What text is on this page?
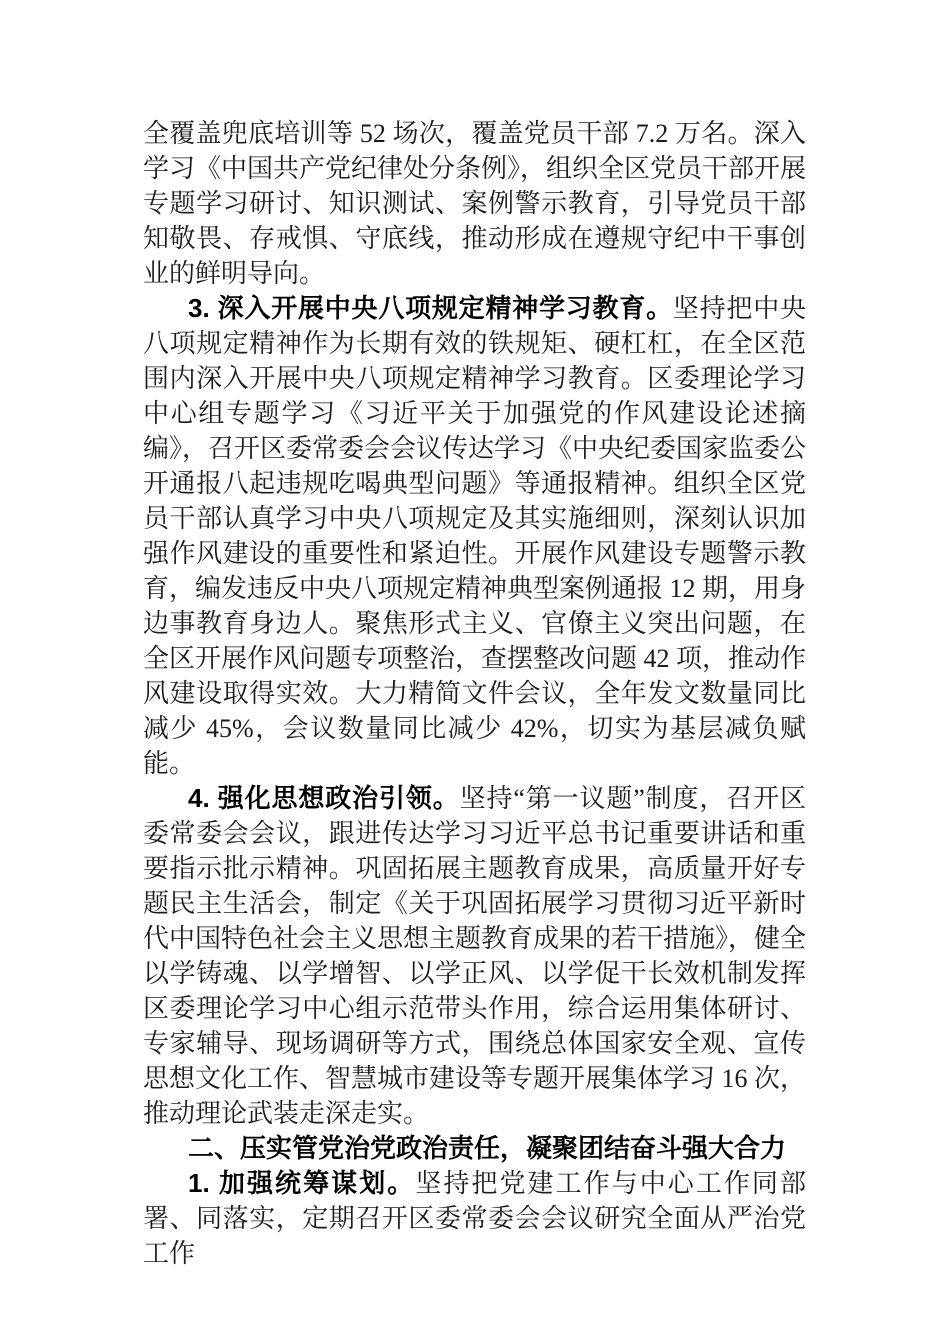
全覆盖兜底培训等 52 场次，覆盖党员干部 7.2 万名。深入学习《中国共产党纪律处分条例》，组织全区党员干部开展专题学习研讨、知识测试、案例警示教育，引导党员干部知敬畏、存戒惧、守底线，推动形成在遵规守纪中干事创业的鲜明导向。

3. 深入开展中央八项规定精神学习教育。坚持把中央八项规定精神作为长期有效的铁规矩、硬杠杠，在全区范围内深入开展中央八项规定精神学习教育。区委理论学习中心组专题学习《习近平关于加强党的作风建设论述摘编》，召开区委常委会会议传达学习《中央纪委国家监委公开通报八起违规吃喝典型问题》等通报精神。组织全区党员干部认真学习中央八项规定及其实施细则，深刻认识加强作风建设的重要性和紧迫性。开展作风建设专题警示教育，编发违反中央八项规定精神典型案例通报 12 期，用身边事教育身边人。聚焦形式主义、官僚主义突出问题，在全区开展作风问题专项整治，查摆整改问题 42 项，推动作风建设取得实效。大力精简文件会议，全年发文数量同比减少 45%，会议数量同比减少 42%，切实为基层减负赋能。

4. 强化思想政治引领。坚持“第一议题”制度，召开区委常委会会议，跟进传达学习习近平总书记重要讲话和重要指示批示精神。巩固拓展主题教育成果，高质量开好专题民主生活会，制定《关于巩固拓展学习贯彻习近平新时代中国特色社会主义思想主题教育成果的若干措施》，健全以学铸魂、以学增智、以学正风、以学促干长效机制发挥区委理论学习中心组示范带头作用，综合运用集体研讨、专家辅导、现场调研等方式，围绕总体国家安全观、宣传思想文化工作、智慧城市建设等专题开展集体学习 16 次，推动理论武装走深走实。

二、压实管党治党政治责任，凝聚团结奋斗强大合力

1. 加强统筹谋划。坚持把党建工作与中心工作同部署、同落实，定期召开区委常委会会议研究全面从严治党工作
